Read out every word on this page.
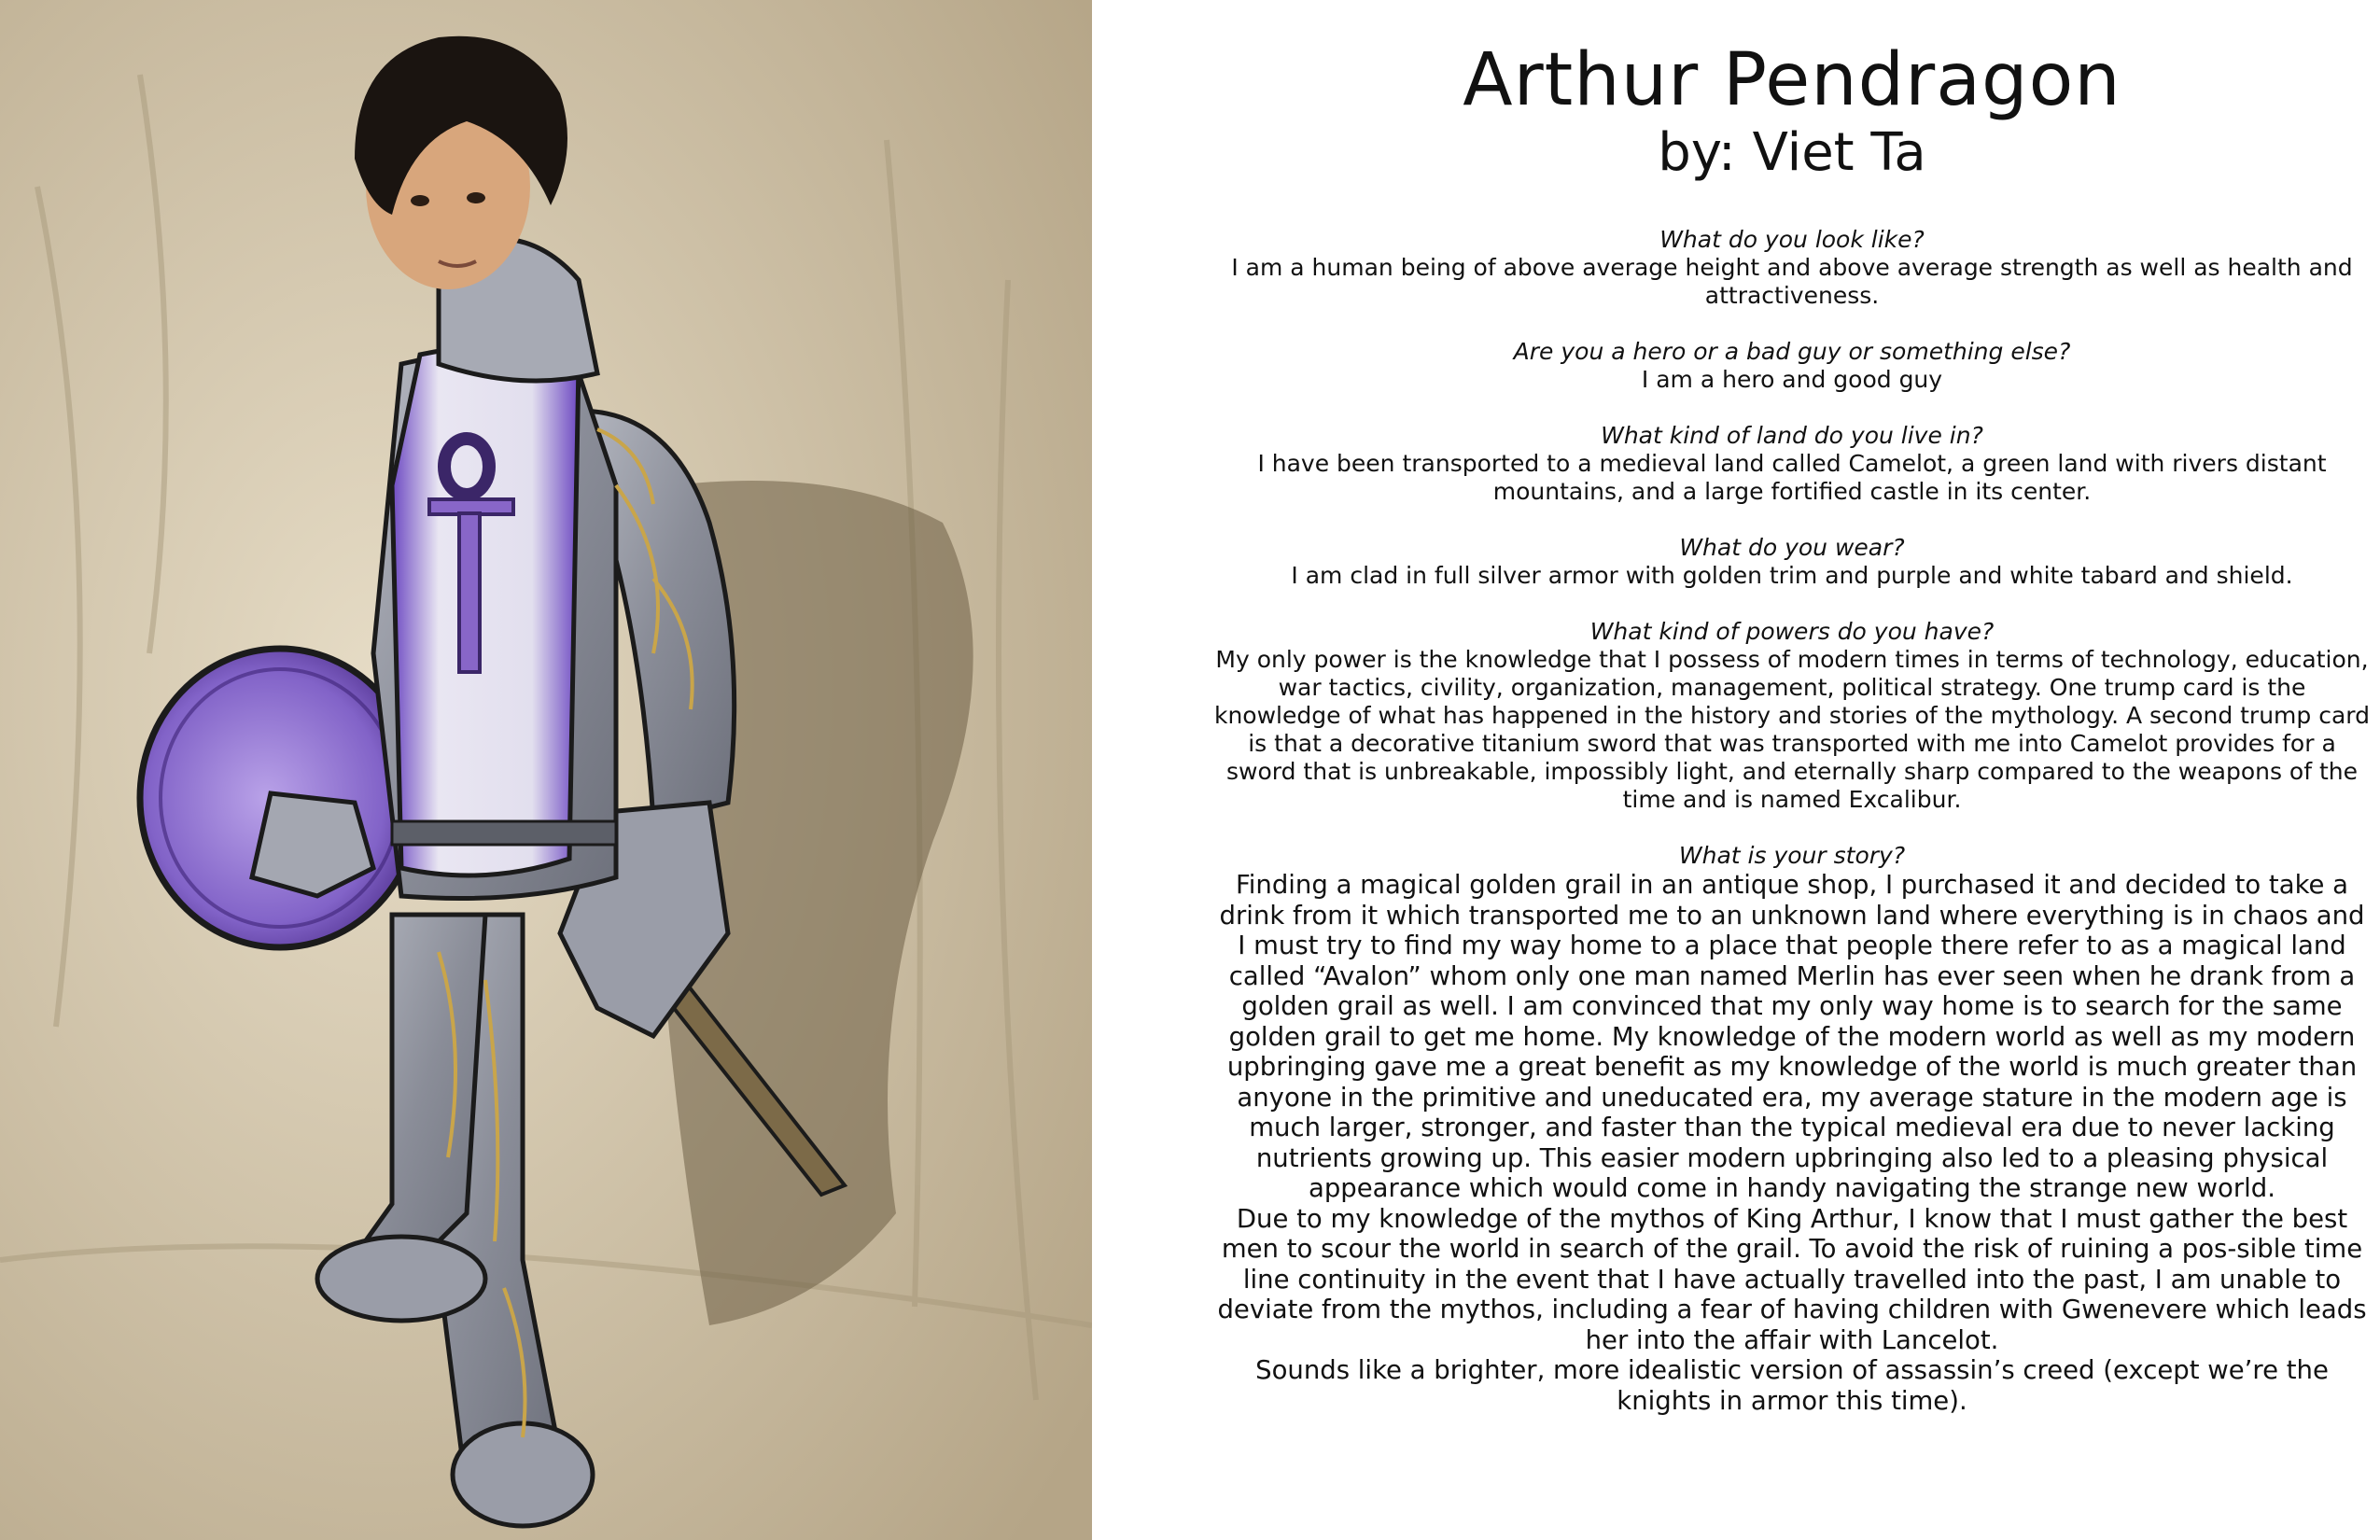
Arthur Pendragon
by: Viet Ta

What do you look like?

I am a human being of above average height and above average strength as well as health and attractiveness.

Are you a hero or a bad guy or something else?

I am a hero and good guy

What kind of land do you live in?

I have been transported to a medieval land called Camelot, a green land with rivers distant mountains, and a large fortified castle in its center.

What do you wear?

I am clad in full silver armor with golden trim and purple and white tabard and shield.

What kind of powers do you have?

My only power is the knowledge that I possess of modern times in terms of technology, education, war tactics, civility, organization, management, political strategy. One trump card is the knowledge of what has happened in the history and stories of the mythology. A second trump card is that a decorative titanium sword that was transported with me into Camelot provides for a sword that is unbreakable, impossibly light, and eternally sharp compared to the weapons of the time and is named Excalibur.

What is your story?

Finding a magical golden grail in an antique shop, I purchased it and decided to take a drink from it which transported me to an unknown land where everything is in chaos and I must try to find my way home to a place that people there refer to as a magical land called “Avalon” whom only one man named Merlin has ever seen when he drank from a golden grail as well. I am convinced that my only way home is to search for the same golden grail to get me home. My knowledge of the modern world as well as my modern upbringing gave me a great benefit as my knowledge of the world is much greater than anyone in the primitive and uneducated era, my average stature in the modern age is much larger, stronger, and faster than the typical medieval era due to never lacking nutrients growing up. This easier modern upbringing also led to a pleasing physical appearance which would come in handy navigating the strange new world.

Due to my knowledge of the mythos of King Arthur, I know that I must gather the best men to scour the world in search of the grail. To avoid the risk of ruining a pos-sible time line continuity in the event that I have actually travelled into the past, I am unable to deviate from the mythos, including a fear of having children with Gwenevere which leads her into the affair with Lancelot.

Sounds like a brighter, more idealistic version of assassin’s creed (except we’re the knights in armor this time).
